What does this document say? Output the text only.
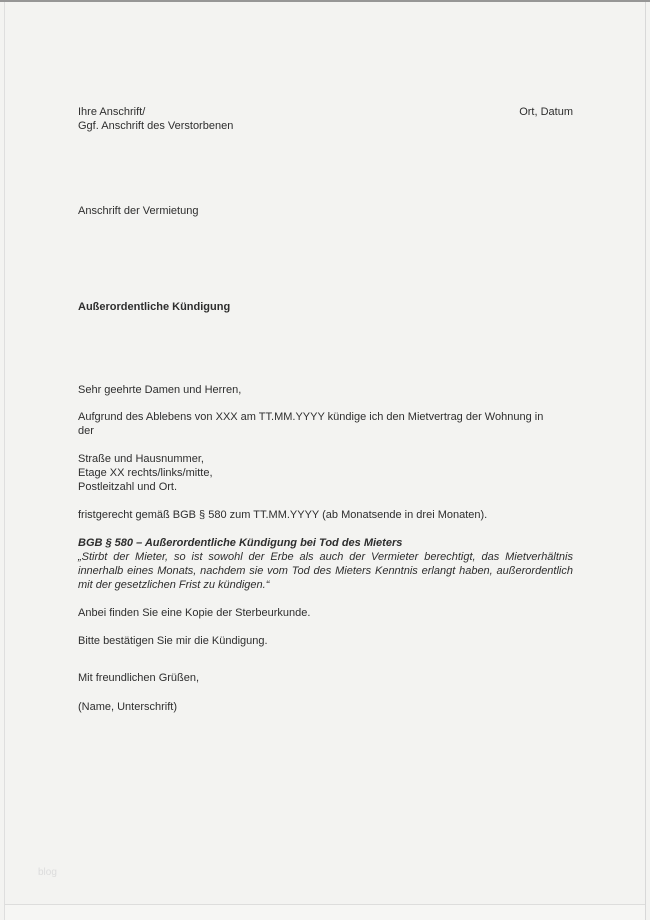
Ihre Anschrift/
Ggf. Anschrift des Verstorbenen
Ort, Datum
Anschrift der Vermietung
Außerordentliche Kündigung
Sehr geehrte Damen und Herren,
Aufgrund des Ablebens von XXX am TT.MM.YYYY kündige ich den Mietvertrag der Wohnung in der
Straße und Hausnummer,
Etage XX rechts/links/mitte,
Postleitzahl und Ort.
fristgerecht gemäß BGB § 580 zum TT.MM.YYYY (ab Monatsende in drei Monaten).
BGB § 580 – Außerordentliche Kündigung bei Tod des Mieters
„Stirbt der Mieter, so ist sowohl der Erbe als auch der Vermieter berechtigt, das Mietverhältnis innerhalb eines Monats, nachdem sie vom Tod des Mieters Kenntnis erlangt haben, außerordentlich mit der gesetzlichen Frist zu kündigen.“
Anbei finden Sie eine Kopie der Sterbeurkunde.
Bitte bestätigen Sie mir die Kündigung.
Mit freundlichen Grüßen,
(Name, Unterschrift)
blog
